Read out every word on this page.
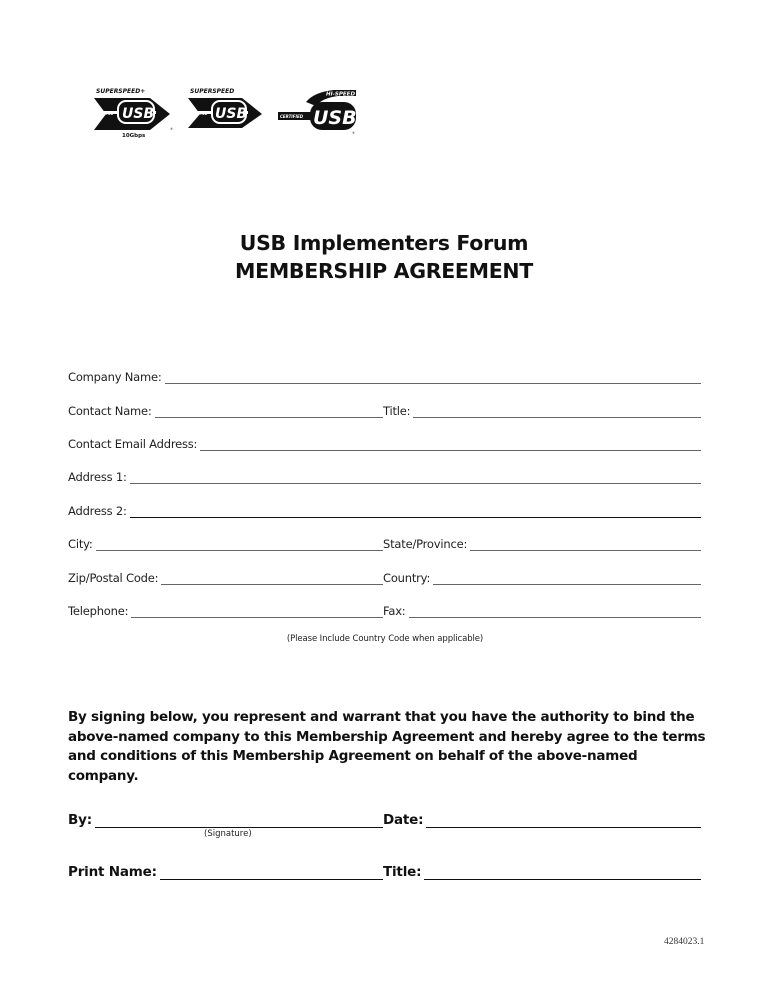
SUPERSPEED+
USB
CERTIFIED
10Gbps
®
SUPERSPEED
USB
CERTIFIED
HI-SPEED
CERTIFIED USB
®
USB Implementers Forum
MEMBERSHIP AGREEMENT
Company Name:
Contact Name:	Title:
Contact Email Address:
Address 1:
Address 2:
City:	State/Province:
Zip/Postal Code:	Country:
Telephone:	Fax:
(Please Include Country Code when applicable)
By signing below, you represent and warrant that you have the authority to bind the above-named company to this Membership Agreement and hereby agree to the terms and conditions of this Membership Agreement on behalf of the above-named company.
By:	Date:
(Signature)
Print Name:	Title:
4284023.1
